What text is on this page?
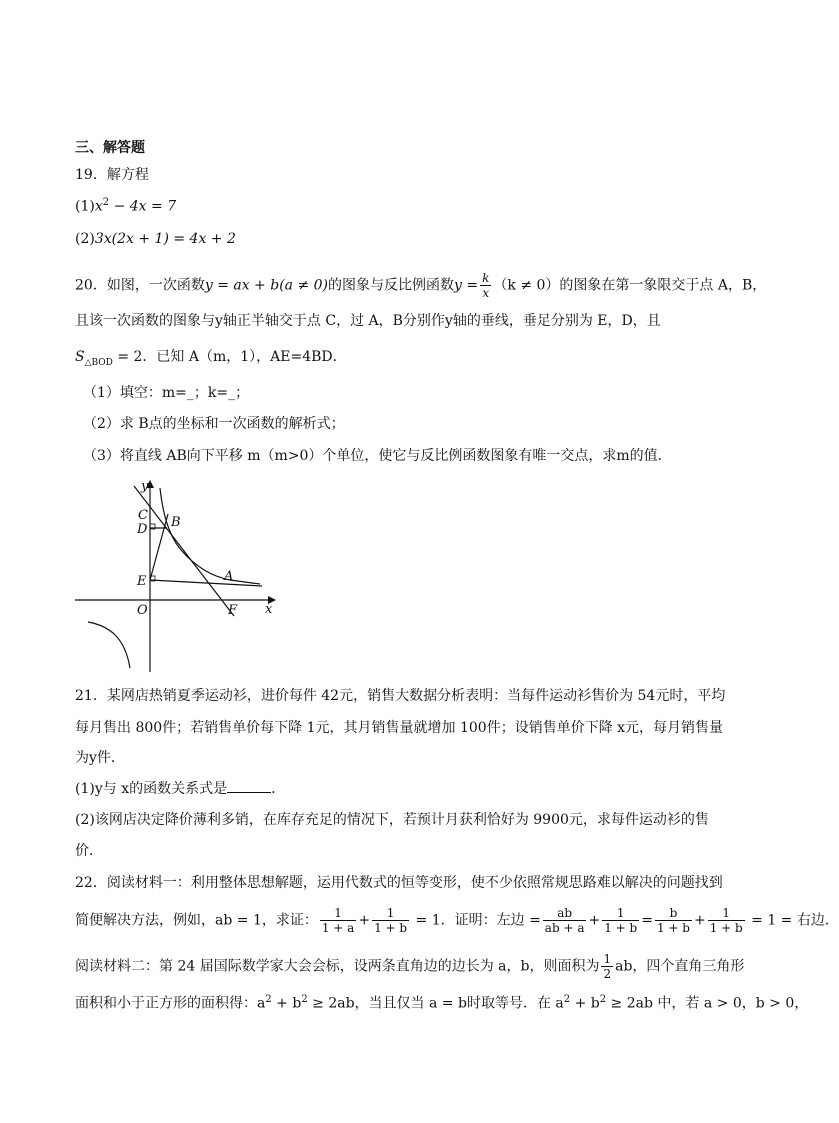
三、解答题
19．解方程
$(1)x^2 - 4x = 7$
(2)3x(2x + 1) = 4x + 2
20．如图，一次函数y = ax + b(a ≠ 0)的图象与反比例函数$y = \frac{k}{x} (k \ne 0)$的图象在第一象限交于点 A，B，
且该一次函数的图象与y轴正半轴交于点 C，过 A，B分别作y轴的垂线，垂足分别为 E，D，且
$S_{\triangle BOD} = 2$．已知 A（m，1），AE=4BD．
（1）填空：m=_；k=_；
（2）求 B点的坐标和一次函数的解析式；
（3）将直线 AB向下平移 m（m>0）个单位，使它与反比例函数图象有唯一交点，求m的值．
y
x
C
D B
E	A
O	F
21．某网店热销夏季运动衫，进价每件 42元，销售大数据分析表明：当每件运动衫售价为 54元时，平均
每月售出 800件；若销售单价每下降 1元，其月销售量就增加 100件；设销售单价下降 x元，每月销售量
为y件．
(1)y与 x的函数关系式是	．
(2)该网店决定降价薄利多销，在库存充足的情况下，若预计月获利恰好为 9900元，求每件运动衫的售
价．
22．阅读材料一：利用整体思想解题，运用代数式的恒等变形，使不少依照常规思路难以解决的问题找到
简便解决方法，例如，ab = 1，求证： $\frac{1}{1 + a} + \frac{1}{1 + b} = 1$．证明：左边 = $\frac{ab}{ab + a} + \frac{1}{1 + b} = \frac{b}{1 + b} + \frac{1}{1 + b} = 1$ = 右边．
阅读材料二：第 24 届国际数学家大会会标，设两条直角边的边长为 a，b，则面积为 $\frac{1}{2}$ ab，四个直角三角形
面积和小于正方形的面积得：$a^2 + b^2 \ge 2ab$，当且仅当 a = b时取等号．在 $a^2 + b^2 \ge 2ab$ 中，若 a > 0，b > 0，
